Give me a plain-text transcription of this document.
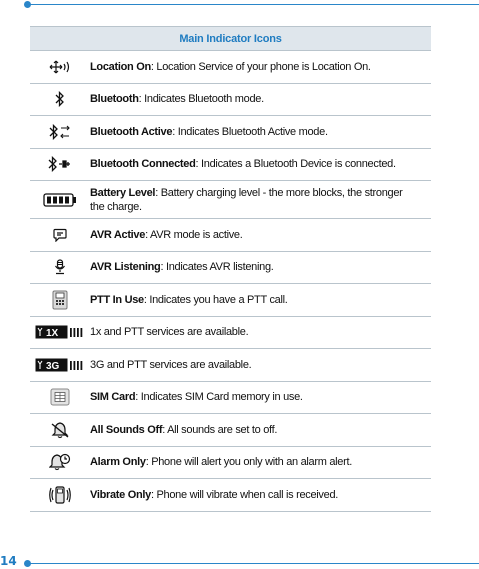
Main Indicator Icons
Location On: Location Service of your phone is Location On.
Bluetooth: Indicates Bluetooth mode.
Bluetooth Active: Indicates Bluetooth Active mode.
Bluetooth Connected: Indicates a Bluetooth Device is connected.
Battery Level: Battery charging level - the more blocks, the stronger the charge.
AVR Active: AVR mode is active.
AVR Listening: Indicates AVR listening.
PTT In Use: Indicates you have a PTT call.
1X	1x and PTT services are available.
3G	3G and PTT services are available.
SIM Card: Indicates SIM Card memory in use.
All Sounds Off: All sounds are set to off.
Alarm Only: Phone will alert you only with an alarm alert.
Vibrate Only: Phone will vibrate when call is received.
14
